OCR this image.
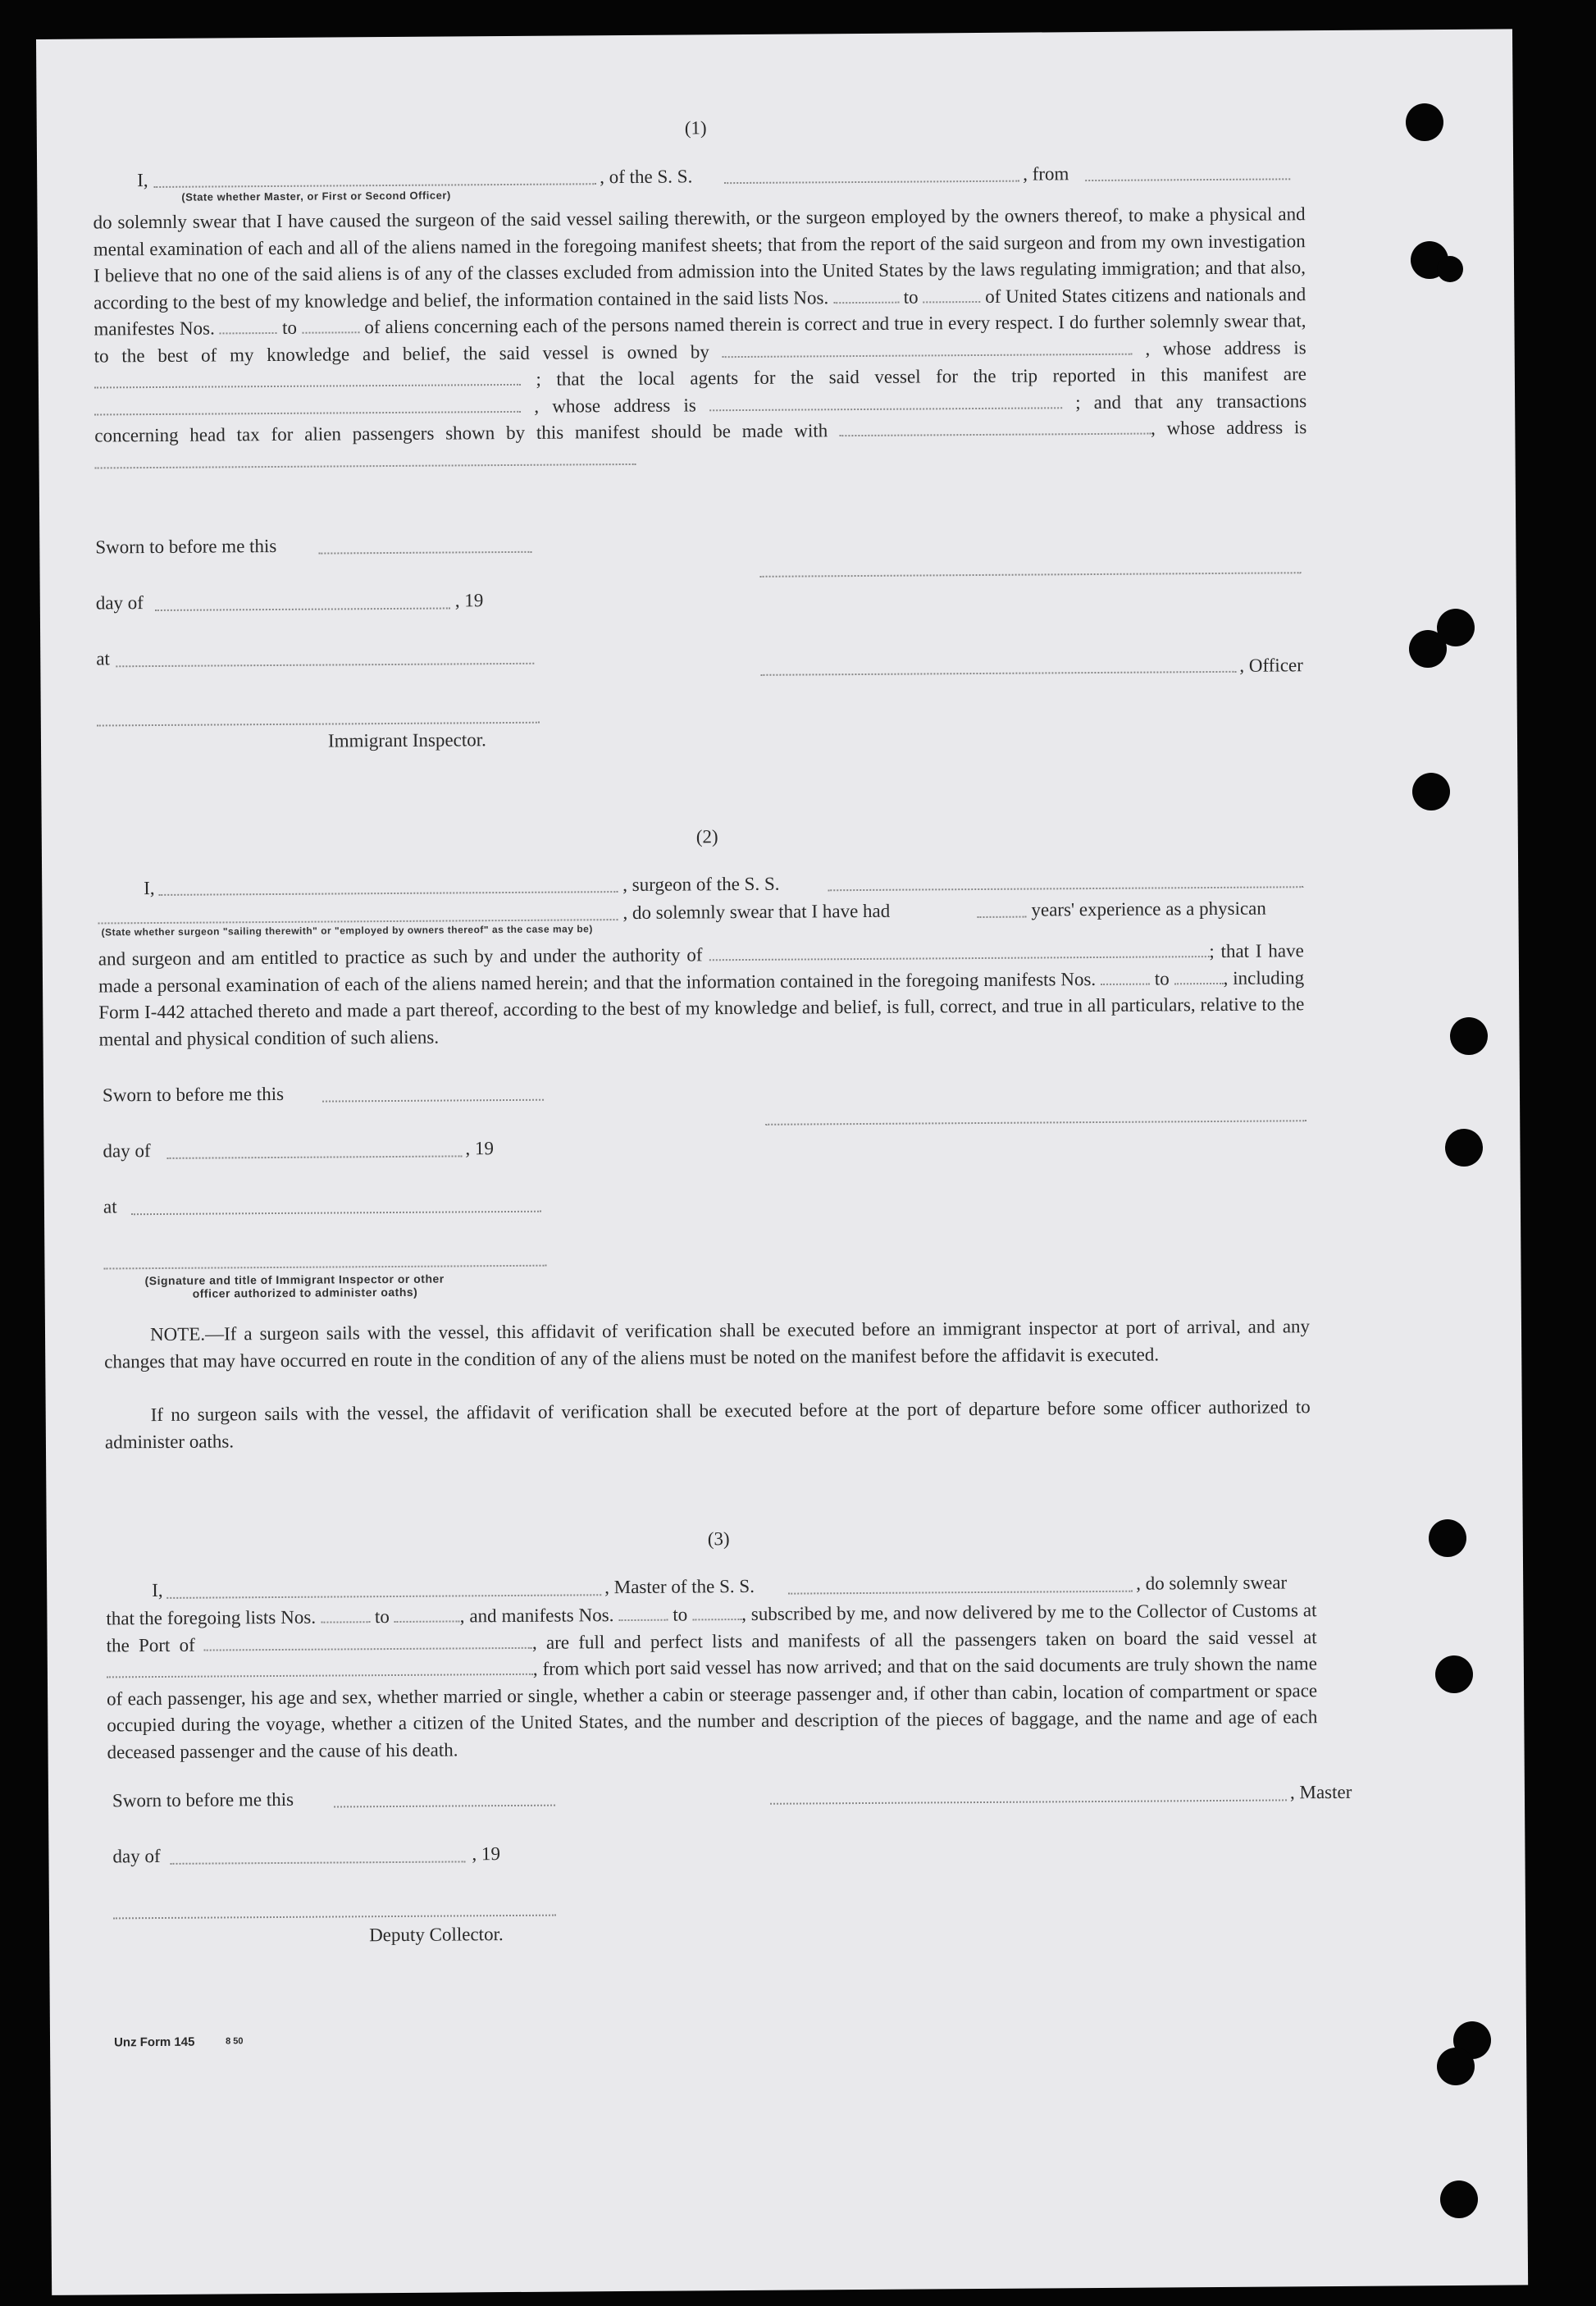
(1)
I,	, of the S. S.	, from
(State whether Master, or First or Second Officer)
do solemnly swear that I have caused the surgeon of the said vessel sailing therewith, or the surgeon employed by the owners thereof, to make a physical and mental examination of each and all of the aliens named in the foregoing manifest sheets; that from the report of the said surgeon and from my own investigation I believe that no one of the said aliens is of any of the classes excluded from admission into the United States by the laws regulating immigration; and that also, according to the best of my knowledge and belief, the information contained in the said lists Nos.	to	of United States citizens and nationals and manifestes Nos.	to	of aliens concerning each of the persons named therein is correct and true in every respect. I do further solemnly swear that, to the best of my knowledge and belief, the said vessel is owned by	, whose address is  ; that the local agents for the said vessel for the trip reported in this manifest are  , whose address is	; and that any transactions concerning head tax for alien passengers shown by this manifest should be made with	, whose address is
Sworn to before me this
day of	, 19
at	, Officer
Immigrant Inspector.
(2)
I,	, surgeon of the S. S.
, do solemnly swear that I have had	years' experience as a physican
(State whether surgeon "sailing therewith" or "employed by owners thereof" as the case may be)
and surgeon and am entitled to practice as such by and under the authority of	; that I have made a personal examination of each of the aliens named herein; and that the information contained in the foregoing manifests Nos.	to	, including Form I-442 attached thereto and made a part thereof, according to the best of my knowledge and belief, is full, correct, and true in all particulars, relative to the mental and physical condition of such aliens.
Sworn to before me this
day of	, 19
at
(Signature and title of Immigrant Inspector or other
officer authorized to administer oaths)
NOTE.—If a surgeon sails with the vessel, this affidavit of verification shall be executed before an immigrant inspector at port of arrival, and any changes that may have occurred en route in the condition of any of the aliens must be noted on the manifest before the affidavit is executed.
If no surgeon sails with the vessel, the affidavit of verification shall be executed before at the port of departure before some officer authorized to administer oaths.
(3)
I,	, Master of the S. S.	, do solemnly swear
that the foregoing lists Nos.	to	, and manifests Nos.	to	, subscribed by me, and now delivered by me to the Collector of Customs at the Port of	, are full and perfect lists and manifests of all the passengers taken on board the said vessel at , from which port said vessel has now arrived; and that on the said documents are truly shown the name of each passenger, his age and sex, whether married or single, whether a cabin or steerage passenger and, if other than cabin, location of compartment or space occupied during the voyage, whether a citizen of the United States, and the number and description of the pieces of baggage, and the name and age of each deceased passenger and the cause of his death.
Sworn to before me this	, Master
day of	, 19
Deputy Collector.
Unz Form 145	8 50
